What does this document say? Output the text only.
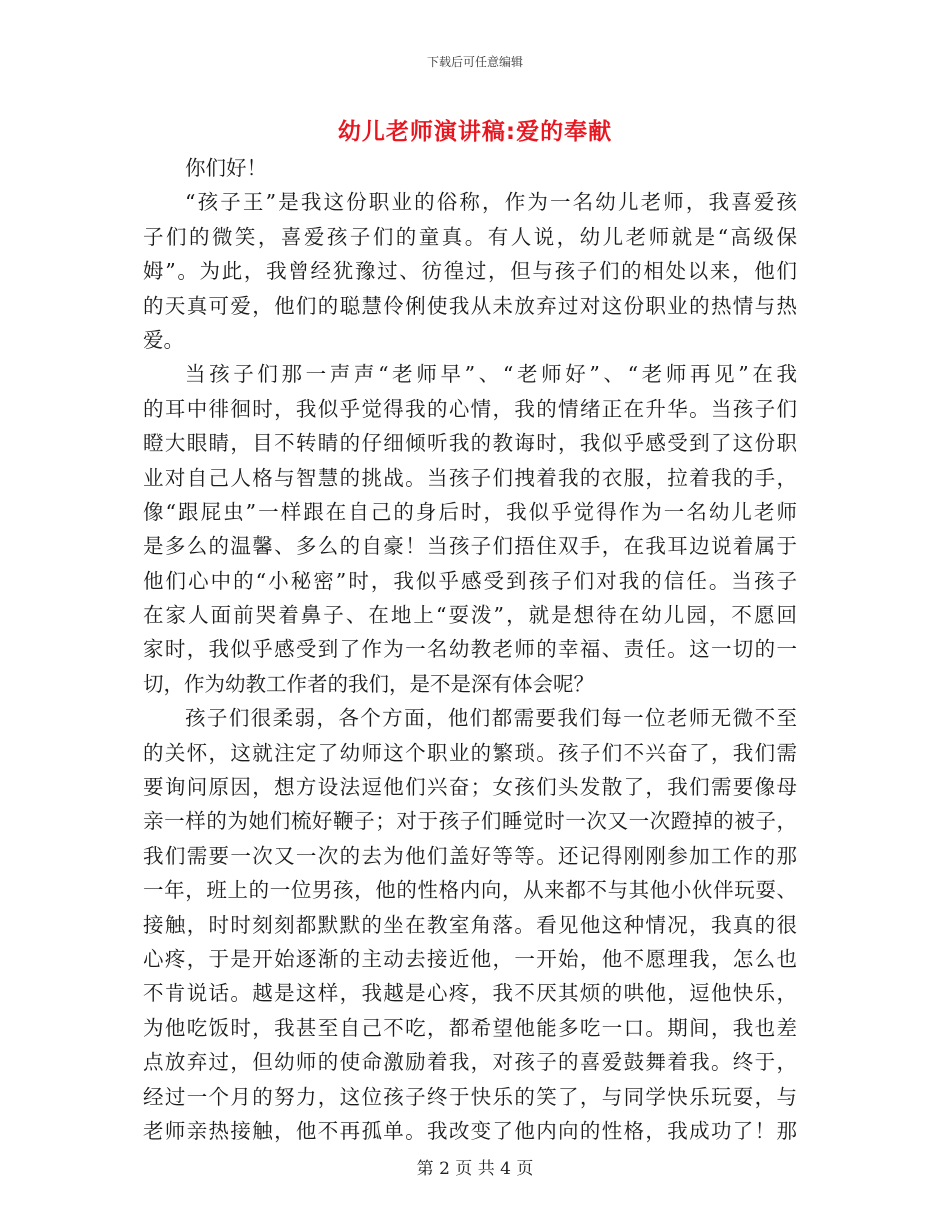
下载后可任意编辑
幼儿老师演讲稿:爱的奉献
你们好！
“孩子王”是我这份职业的俗称，作为一名幼儿老师，我喜爱孩
子们的微笑，喜爱孩子们的童真。有人说，幼儿老师就是“高级保
姆”。为此，我曾经犹豫过、彷徨过，但与孩子们的相处以来，他们
的天真可爱，他们的聪慧伶俐使我从未放弃过对这份职业的热情与热
爱。
当孩子们那一声声“老师早”、“老师好”、“老师再见”在我
的耳中徘徊时，我似乎觉得我的心情，我的情绪正在升华。当孩子们
瞪大眼睛，目不转睛的仔细倾听我的教诲时，我似乎感受到了这份职
业对自己人格与智慧的挑战。当孩子们拽着我的衣服，拉着我的手，
像“跟屁虫”一样跟在自己的身后时，我似乎觉得作为一名幼儿老师
是多么的温馨、多么的自豪！当孩子们捂住双手，在我耳边说着属于
他们心中的“小秘密”时，我似乎感受到孩子们对我的信任。当孩子
在家人面前哭着鼻子、在地上“耍泼”，就是想待在幼儿园，不愿回
家时，我似乎感受到了作为一名幼教老师的幸福、责任。这一切的一
切，作为幼教工作者的我们，是不是深有体会呢？
孩子们很柔弱，各个方面，他们都需要我们每一位老师无微不至
的关怀，这就注定了幼师这个职业的繁琐。孩子们不兴奋了，我们需
要询问原因，想方设法逗他们兴奋；女孩们头发散了，我们需要像母
亲一样的为她们梳好鞭子；对于孩子们睡觉时一次又一次蹬掉的被子，
我们需要一次又一次的去为他们盖好等等。还记得刚刚参加工作的那
一年，班上的一位男孩，他的性格内向，从来都不与其他小伙伴玩耍、
接触，时时刻刻都默默的坐在教室角落。看见他这种情况，我真的很
心疼，于是开始逐渐的主动去接近他，一开始，他不愿理我，怎么也
不肯说话。越是这样，我越是心疼，我不厌其烦的哄他，逗他快乐，
为他吃饭时，我甚至自己不吃，都希望他能多吃一口。期间，我也差
点放弃过，但幼师的使命激励着我，对孩子的喜爱鼓舞着我。终于，
经过一个月的努力，这位孩子终于快乐的笑了，与同学快乐玩耍，与
老师亲热接触，他不再孤单。我改变了他内向的性格，我成功了！那
第 2 页 共 4 页
